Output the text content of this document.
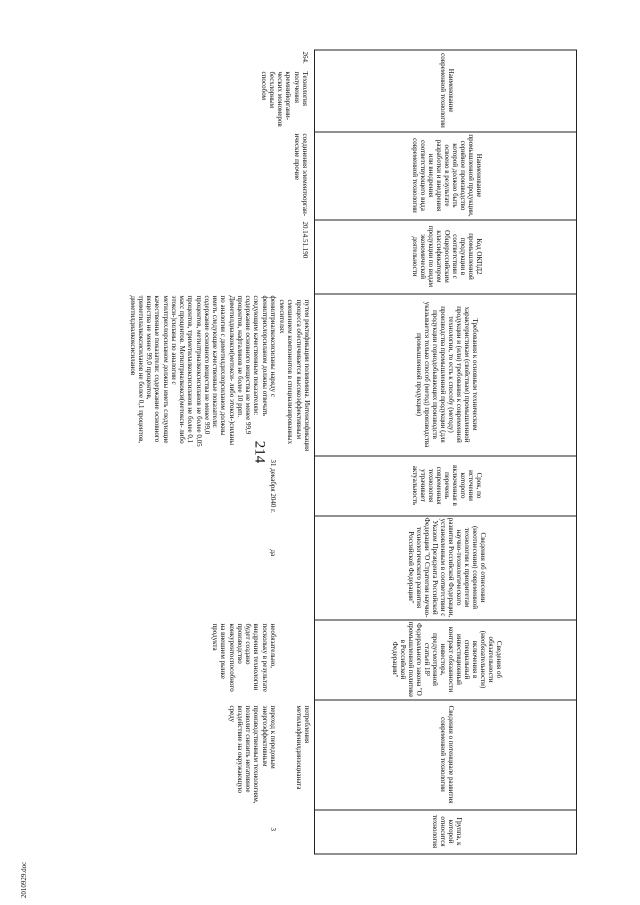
214
2010929.doc
Наименование современной технологии
264.
Технология получения кремнийоргани-ческих мономеров бесхлорным способом
Наименование промышленной продукции, серийное производство которой должно быть освоено в результате разработки и внедрения или внедрения соответствующего вида современной технологии
соединения элементоорган-ические прочие
Код ОКПД2 промышленной продукции в соответствии с Общероссийским классификатором продукции по видам экономической деятельности
20.14.51.190
Требования к основным техническим характеристикам (свойствам) промышленной продукции и (или) требования к современной технологии, то есть к способу (методу) производства промышленной продукции (для продукции горнодобывающих производств указывается только способ (метод) производства промышленной продукции)
путем ректификации полиимина. Интенсификация процесса обеспечивается высокоэффективным смешением компонентов в специализированных смесителях
Срок, по истечении которого включенная в перечень современная технология утрачивает актуальность
Сведения об отнесении (неотнесении) современной технологии к приоритетам научно-технологического развития Российской Федерации, установленным в соответствии с Указом Президента Российской Федерации "О Стратегии научно-технологического развития Российской Федерации"
Сведения об обязательности (необязательности) включения в специальный инвестиционный контракт обязанности инвестора, предусмотренной статьей 18² Федерального закона "О промышленной политике в Российской Федерации"
Сведения о потенциале развития современной технологии
потребления метилалфенилдиизоцианата
Группа, к которой относится технология
фенилтриалкоксисиланы наряду с фенилтрихлорсиланом должны отвечать следующим качественным показателям: содержание основного вещества не менее 99,9 процентов, нафталинов не более 10 ppm. Диметилдиалкокси(метокси- либо этокси-)силаны по аналогии с диметилдихлорсиланом должны иметь следующие качественные показатели: содержание основного вещества не менее 99,0 процентов, метилтриалкоксисиланов не более 0,05 процентов, триметилалкоксисиланов не более 0,1 масс процентов. Метилтриалкокси(метокси- либо этокси-)силаны по аналогии с метилтрихлорсиланом должны иметь следующие качественные показатели: содержание основного вещества не менее 99,0 процентов, триметилалкоксисиланов не более 0,1 процентов, диметилдиалкоксисиланов
31 декабря 2040 г.
да
необязательно, поскольку в результате внедрения технологии будет создано производство конкурентоспособного на внешнем рынке продукта
переход к передовым энергоэффективным производственным технологиям, позволит снизить негативное воздействие на окружающую среду
3
